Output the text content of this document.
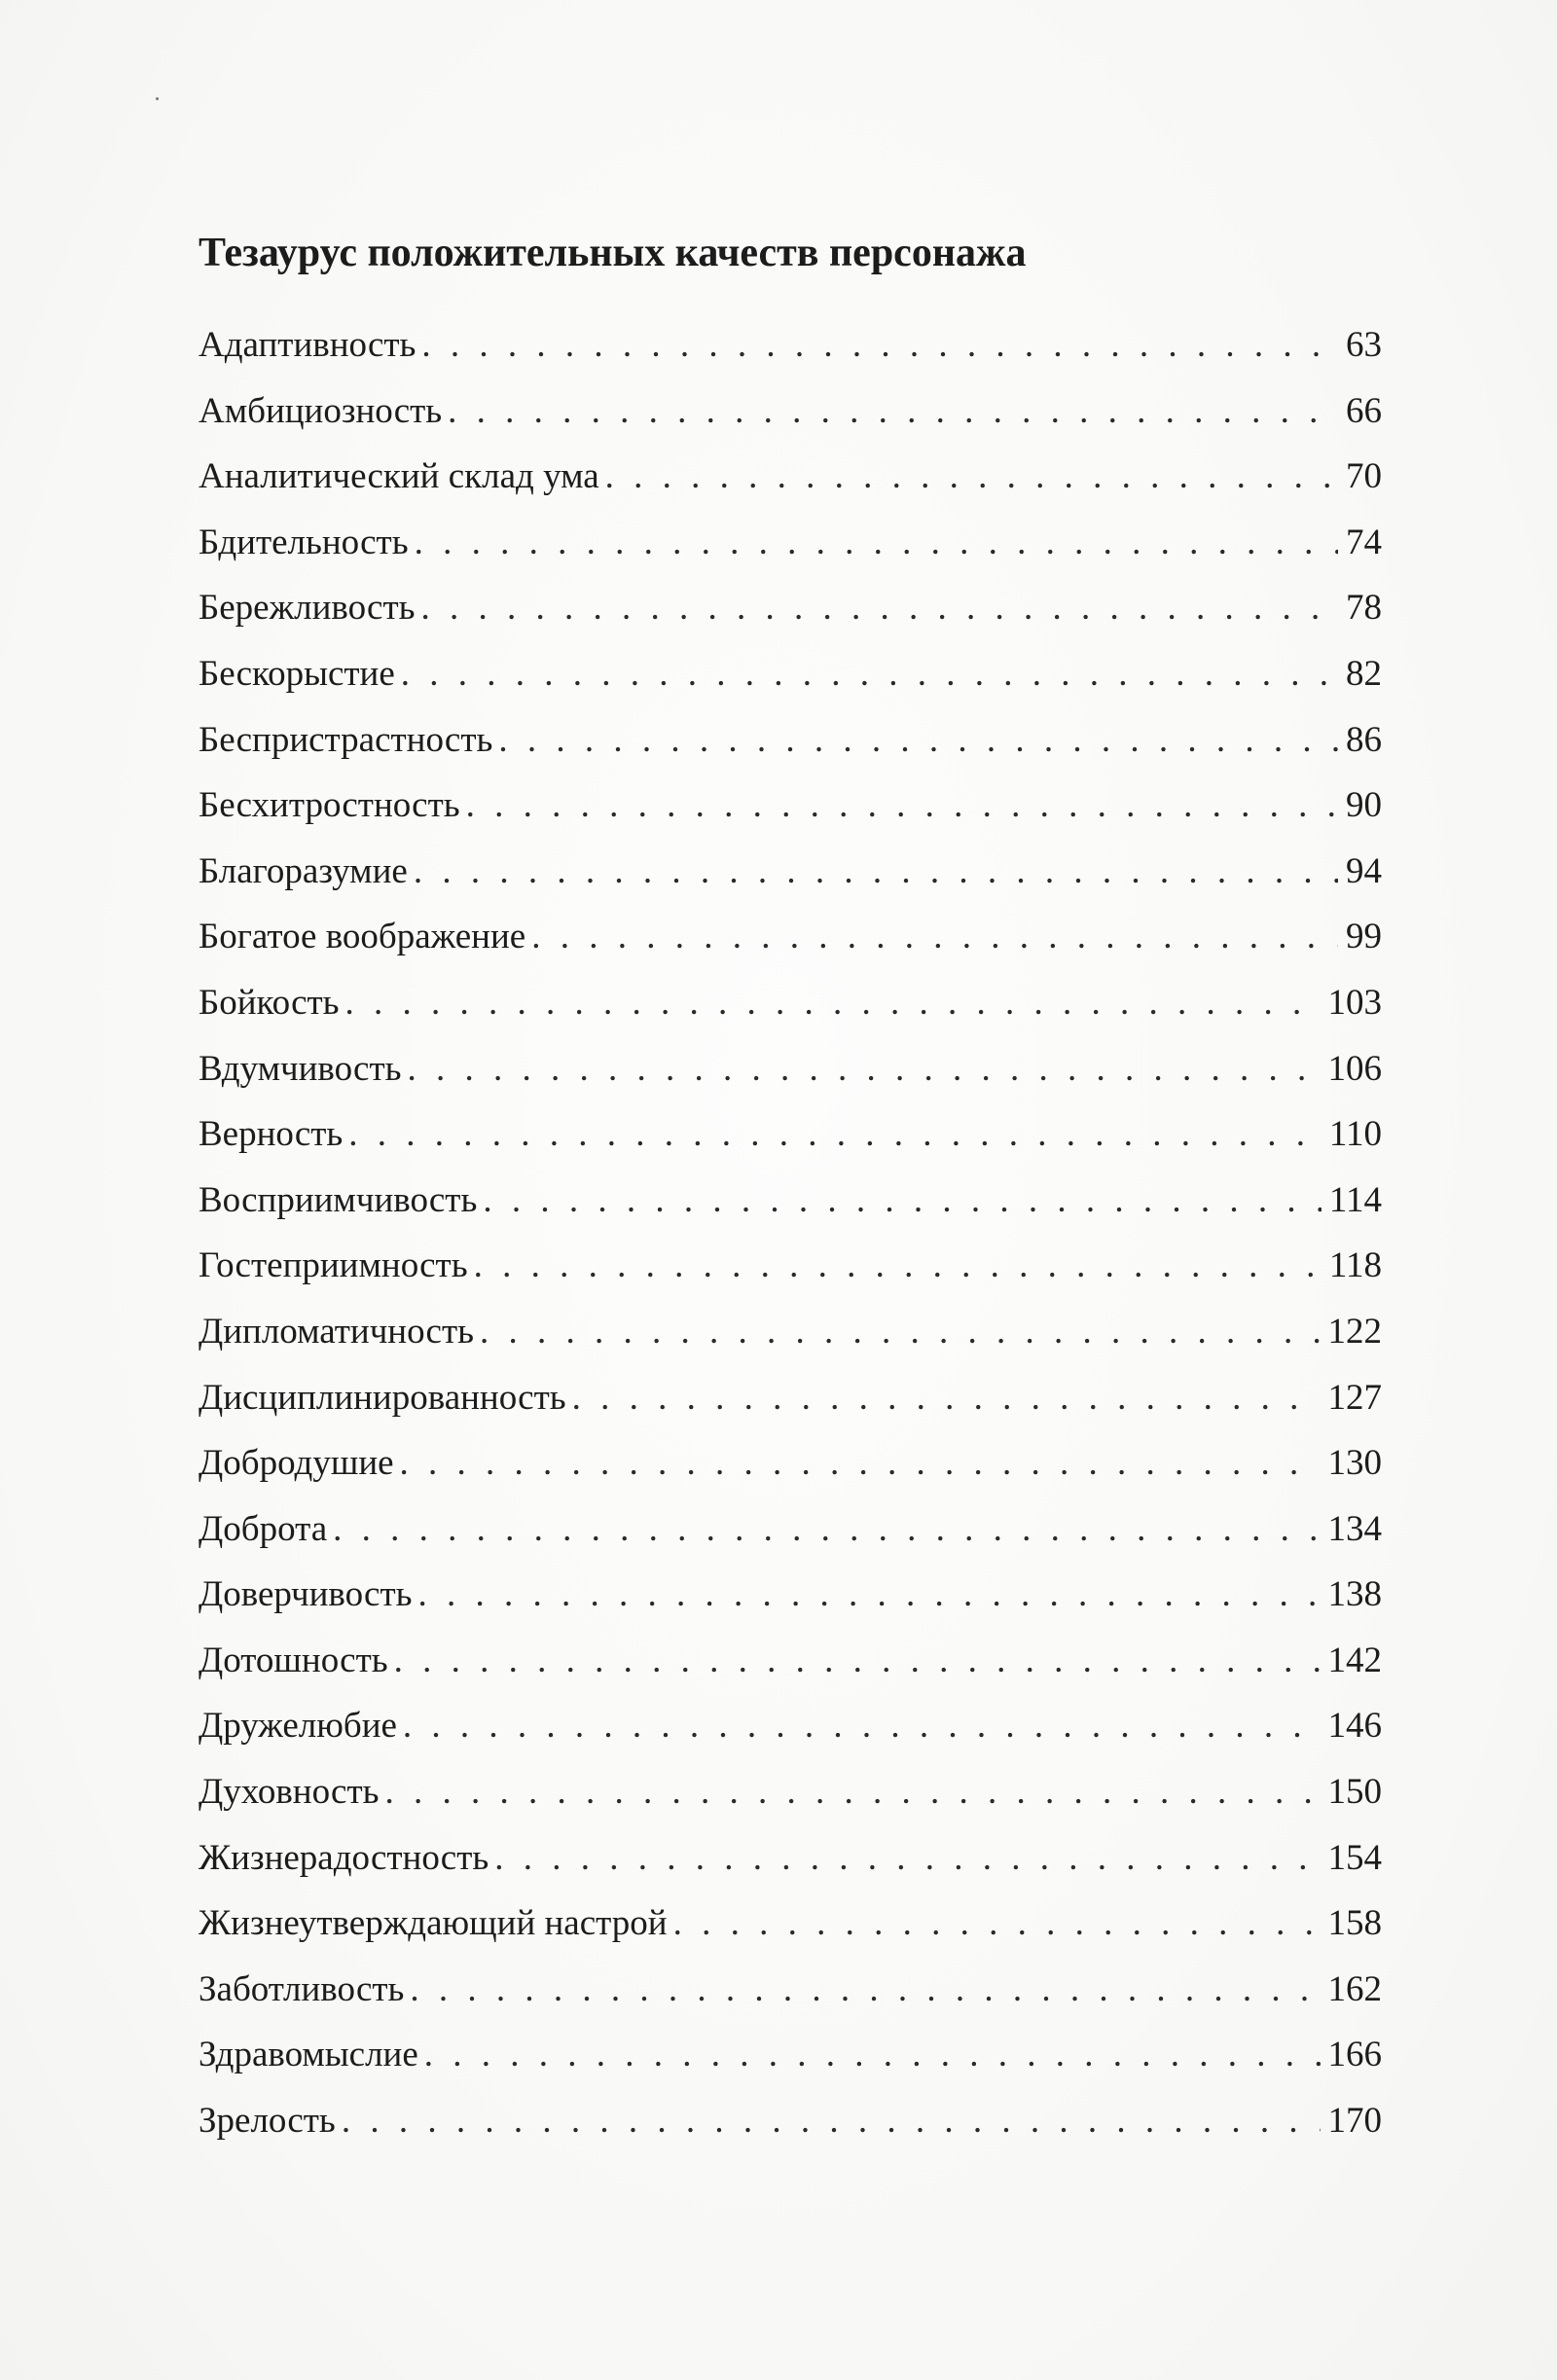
Тезаурус положительных качеств персонажа
Адаптивность . . .	63
Амбициозность . . .	66
Аналитический склад ума . . .	70
Бдительность . . .	74
Бережливость . . .	78
Бескорыстие . . .	82
Беспристрастность . . .	86
Бесхитростность . . .	90
Благоразумие . . .	94
Богатое воображение . . .	99
Бойкость . . .	103
Вдумчивость . . .	106
Верность . . .	110
Восприимчивость . . .	114
Гостеприимность . . .	118
Дипломатичность . . .	122
Дисциплинированность . . .	127
Добродушие . . .	130
Доброта . . .	134
Доверчивость . . .	138
Дотошность . . .	142
Дружелюбие . . .	146
Духовность . . .	150
Жизнерадостность . . .	154
Жизнеутверждающий настрой . . .	158
Заботливость . . .	162
Здравомыслие . . .	166
Зрелость . . .	170
